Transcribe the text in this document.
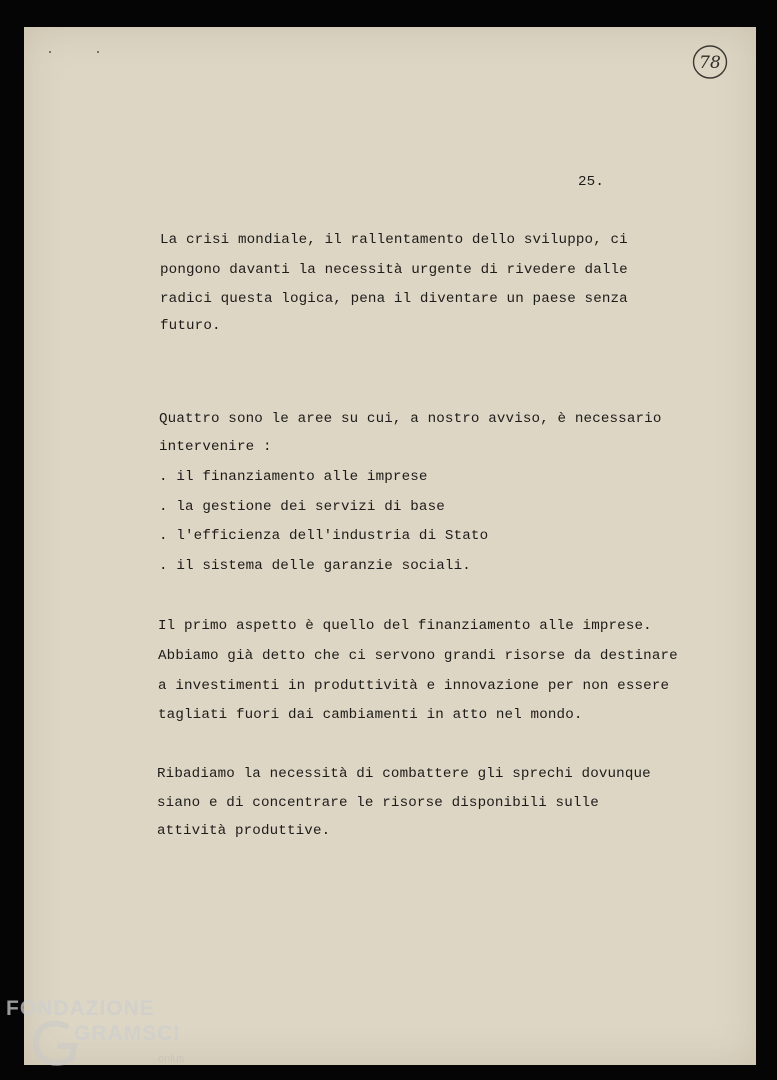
78
25.
La crisi mondiale, il rallentamento dello sviluppo, ci
pongono davanti la necessità urgente di rivedere dalle
radici questa logica, pena il diventare un paese senza
futuro.
Quattro sono le aree su cui, a nostro avviso, è necessario
intervenire :
. il finanziamento alle imprese
. la gestione dei servizi di base
. l'efficienza dell'industria di Stato
. il sistema delle garanzie sociali.
Il primo aspetto è quello del finanziamento alle imprese.
Abbiamo già detto che ci servono grandi risorse da destinare
a investimenti in produttività e innovazione per non essere
tagliati fuori dai cambiamenti in atto nel mondo.
Ribadiamo la necessità di combattere gli sprechi dovunque
siano e di concentrare le risorse disponibili sulle
attività produttive.
FONDAZIONE
GRAMSCI
onlus
